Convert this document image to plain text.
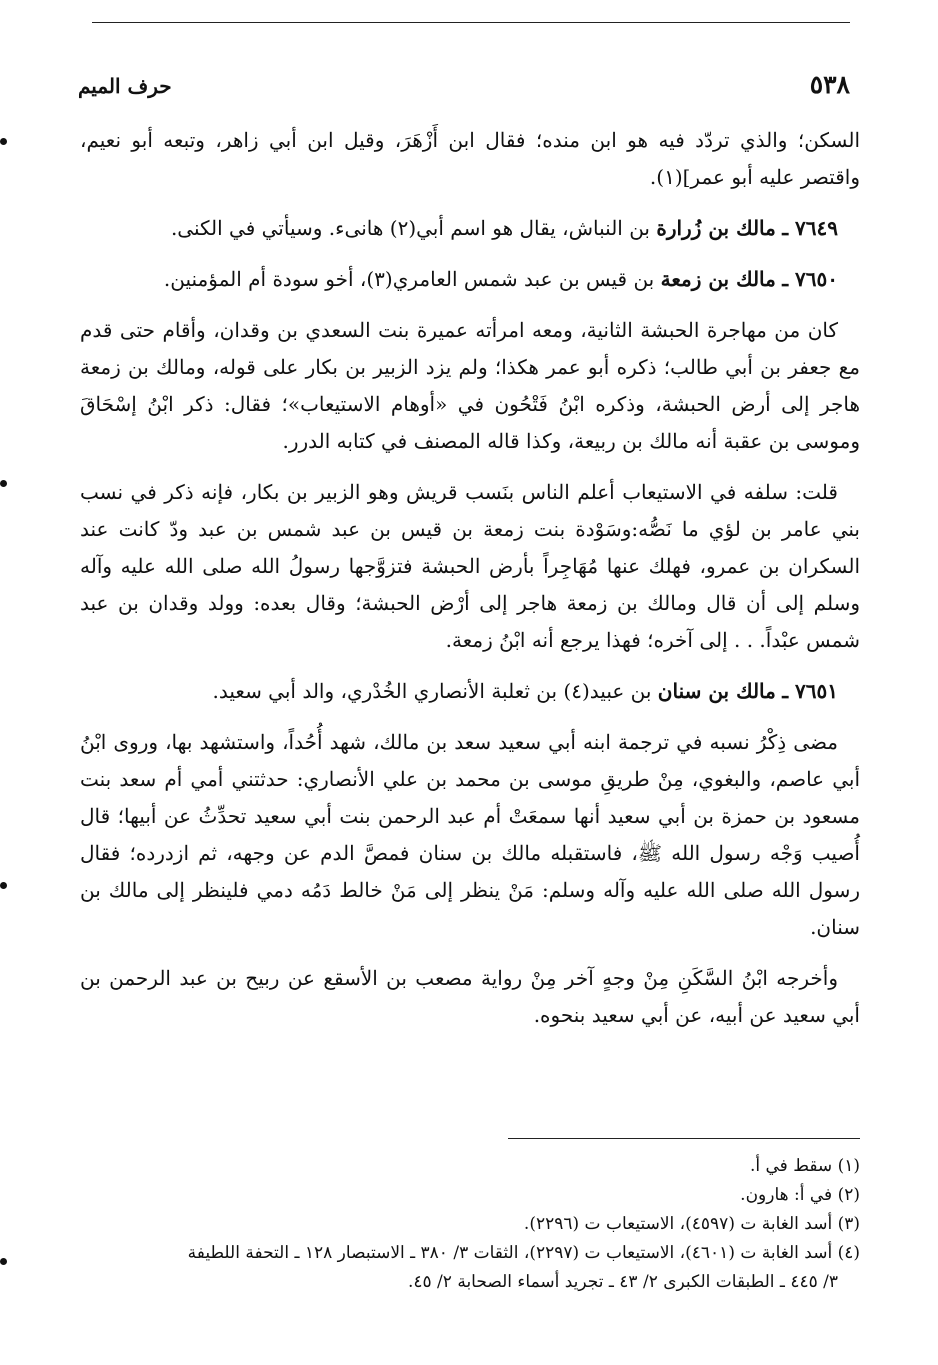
٥٣٨
حرف الميم

السكن؛ والذي تردّد فيه هو ابن منده؛ فقال ابن أَزْهَرَ، وقيل ابن أبي زاهر، وتبعه أبو نعيم، واقتصر عليه أبو عمر](١).

٧٦٤٩ ـ مالك بن زُرارة بن النباش، يقال هو اسم أبي(٢) هانىء. وسيأتي في الكنى.

٧٦٥٠ ـ مالك بن زمعة بن قيس بن عبد شمس العامري(٣)، أخو سودة أم المؤمنين.

كان من مهاجرة الحبشة الثانية، ومعه امرأته عميرة بنت السعدي بن وقدان، وأقام حتى قدم مع جعفر بن أبي طالب؛ ذكره أبو عمر هكذا؛ ولم يزد الزبير بن بكار على قوله، ومالك بن زمعة هاجر إلى أرض الحبشة، وذكره ابْنُ فَتْحُون في «أوهام الاستيعاب»؛ فقال: ذكر ابْنُ إسْحَاقَ وموسى بن عقبة أنه مالك بن ربيعة، وكذا قاله المصنف في كتابه الدرر.

قلت: سلفه في الاستيعاب أعلم الناس بنَسب قريش وهو الزبير بن بكار، فإنه ذكر في نسب بني عامر بن لؤي ما نَصُّه:وسَوْدة بنت زمعة بن قيس بن عبد شمس بن عبد ودّ كانت عند السكران بن عمرو، فهلك عنها مُهَاجِراً بأرض الحبشة فتزوَّجها رسولُ الله صلى الله عليه وآله وسلم إلى أن قال ومالك بن زمعة هاجر إلى أرْض الحبشة؛ وقال بعده: وولد وقدان بن عبد شمس عبْداً. . . إلى آخره؛ فهذا يرجع أنه ابْنُ زمعة.

٧٦٥١ ـ مالك بن سنان بن عبيد(٤) بن ثعلبة الأنصاري الخُدْري، والد أبي سعيد.

مضى ذِكْرُ نسبه في ترجمة ابنه أبي سعيد سعد بن مالك، شهد أُحُداً، واستشهد بها، وروى ابْنُ أبي عاصم، والبغوي، مِنْ طريقِ موسى بن محمد بن علي الأنصاري: حدثتني أمي أم سعد بنت مسعود بن حمزة بن أبي سعيد أنها سمعَتْ أم عبد الرحمن بنت أبي سعيد تحدِّثُ عن أبيها؛ قال أُصيب وَجْه رسول الله ﷺ، فاستقبله مالك بن سنان فمصَّ الدم عن وجهه، ثم ازدرده؛ فقال رسول الله صلى الله عليه وآله وسلم: مَنْ ينظر إلى مَنْ خالط دَمُه دمي فلينظر إلى مالك بن سنان.

وأخرجه ابْنُ السَّكَنِ مِنْ وجهٍ آخر مِنْ رواية مصعب بن الأسقع عن ربيح بن عبد الرحمن بن أبي سعيد عن أبيه، عن أبي سعيد بنحوه.

(١) سقط في أ.

(٢) في أ: هارون.

(٣) أسد الغابة ت (٤٥٩٧)، الاستيعاب ت (٢٢٩٦).

(٤) أسد الغابة ت (٤٦٠١)، الاستيعاب ت (٢٢٩٧)، الثقات ٣/ ٣٨٠ ـ الاستبصار ١٢٨ ـ التحفة اللطيفة

٣/ ٤٤٥ ـ الطبقات الكبرى ٢/ ٤٣ ـ تجريد أسماء الصحابة ٢/ ٤٥.
